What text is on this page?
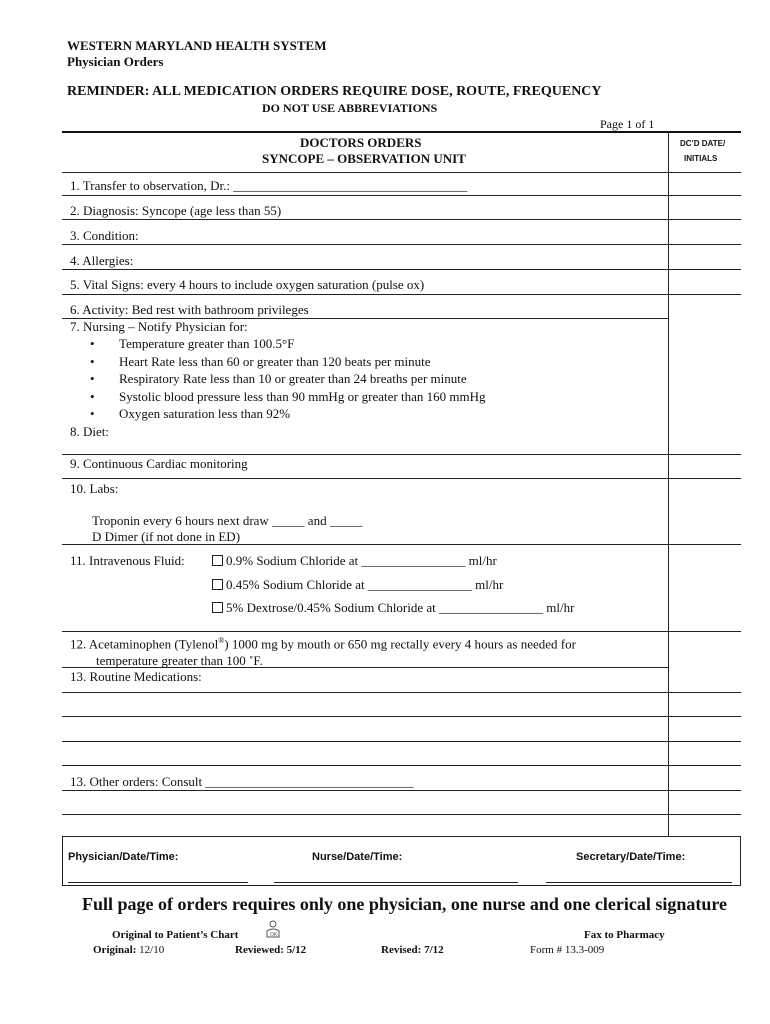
WESTERN MARYLAND HEALTH SYSTEM
Physician Orders
REMINDER: ALL MEDICATION ORDERS REQUIRE DOSE, ROUTE, FREQUENCY
DO NOT USE ABBREVIATIONS
Page 1 of 1
DOCTORS ORDERS
SYNCOPE – OBSERVATION UNIT
DC’D DATE/
INITIALS
1. Transfer to observation, Dr.: ____________________________________
2. Diagnosis: Syncope (age less than 55)
3. Condition:
4. Allergies:
5. Vital Signs: every 4 hours to include oxygen saturation (pulse ox)
6. Activity: Bed rest with bathroom privileges
7. Nursing – Notify Physician for:
• Temperature greater than 100.5°F
• Heart Rate less than 60 or greater than 120 beats per minute
• Respiratory Rate less than 10 or greater than 24 breaths per minute
• Systolic blood pressure less than 90 mmHg or greater than 160 mmHg
• Oxygen saturation less than 92%
8. Diet:
9. Continuous Cardiac monitoring
10. Labs:
Troponin every 6 hours next draw _____ and _____
D Dimer (if not done in ED)
11. Intravenous Fluid:	0.9% Sodium Chloride at ________________ ml/hr
0.45% Sodium Chloride at ________________ ml/hr
5% Dextrose/0.45% Sodium Chloride at ________________ ml/hr
12. Acetaminophen (Tylenol®) 1000 mg by mouth or 650 mg rectally every 4 hours as needed for
temperature greater than 100 ˚F.
13. Routine Medications:
13. Other orders: Consult ________________________________
Physician/Date/Time:	Nurse/Date/Time:	Secretary/Date/Time:
Full page of orders requires only one physician, one nurse and one clerical signature
Original to Patient’s Chart	OK	Fax to Pharmacy
Original: 12/10	Reviewed: 5/12	Revised: 7/12	Form # 13.3-009
